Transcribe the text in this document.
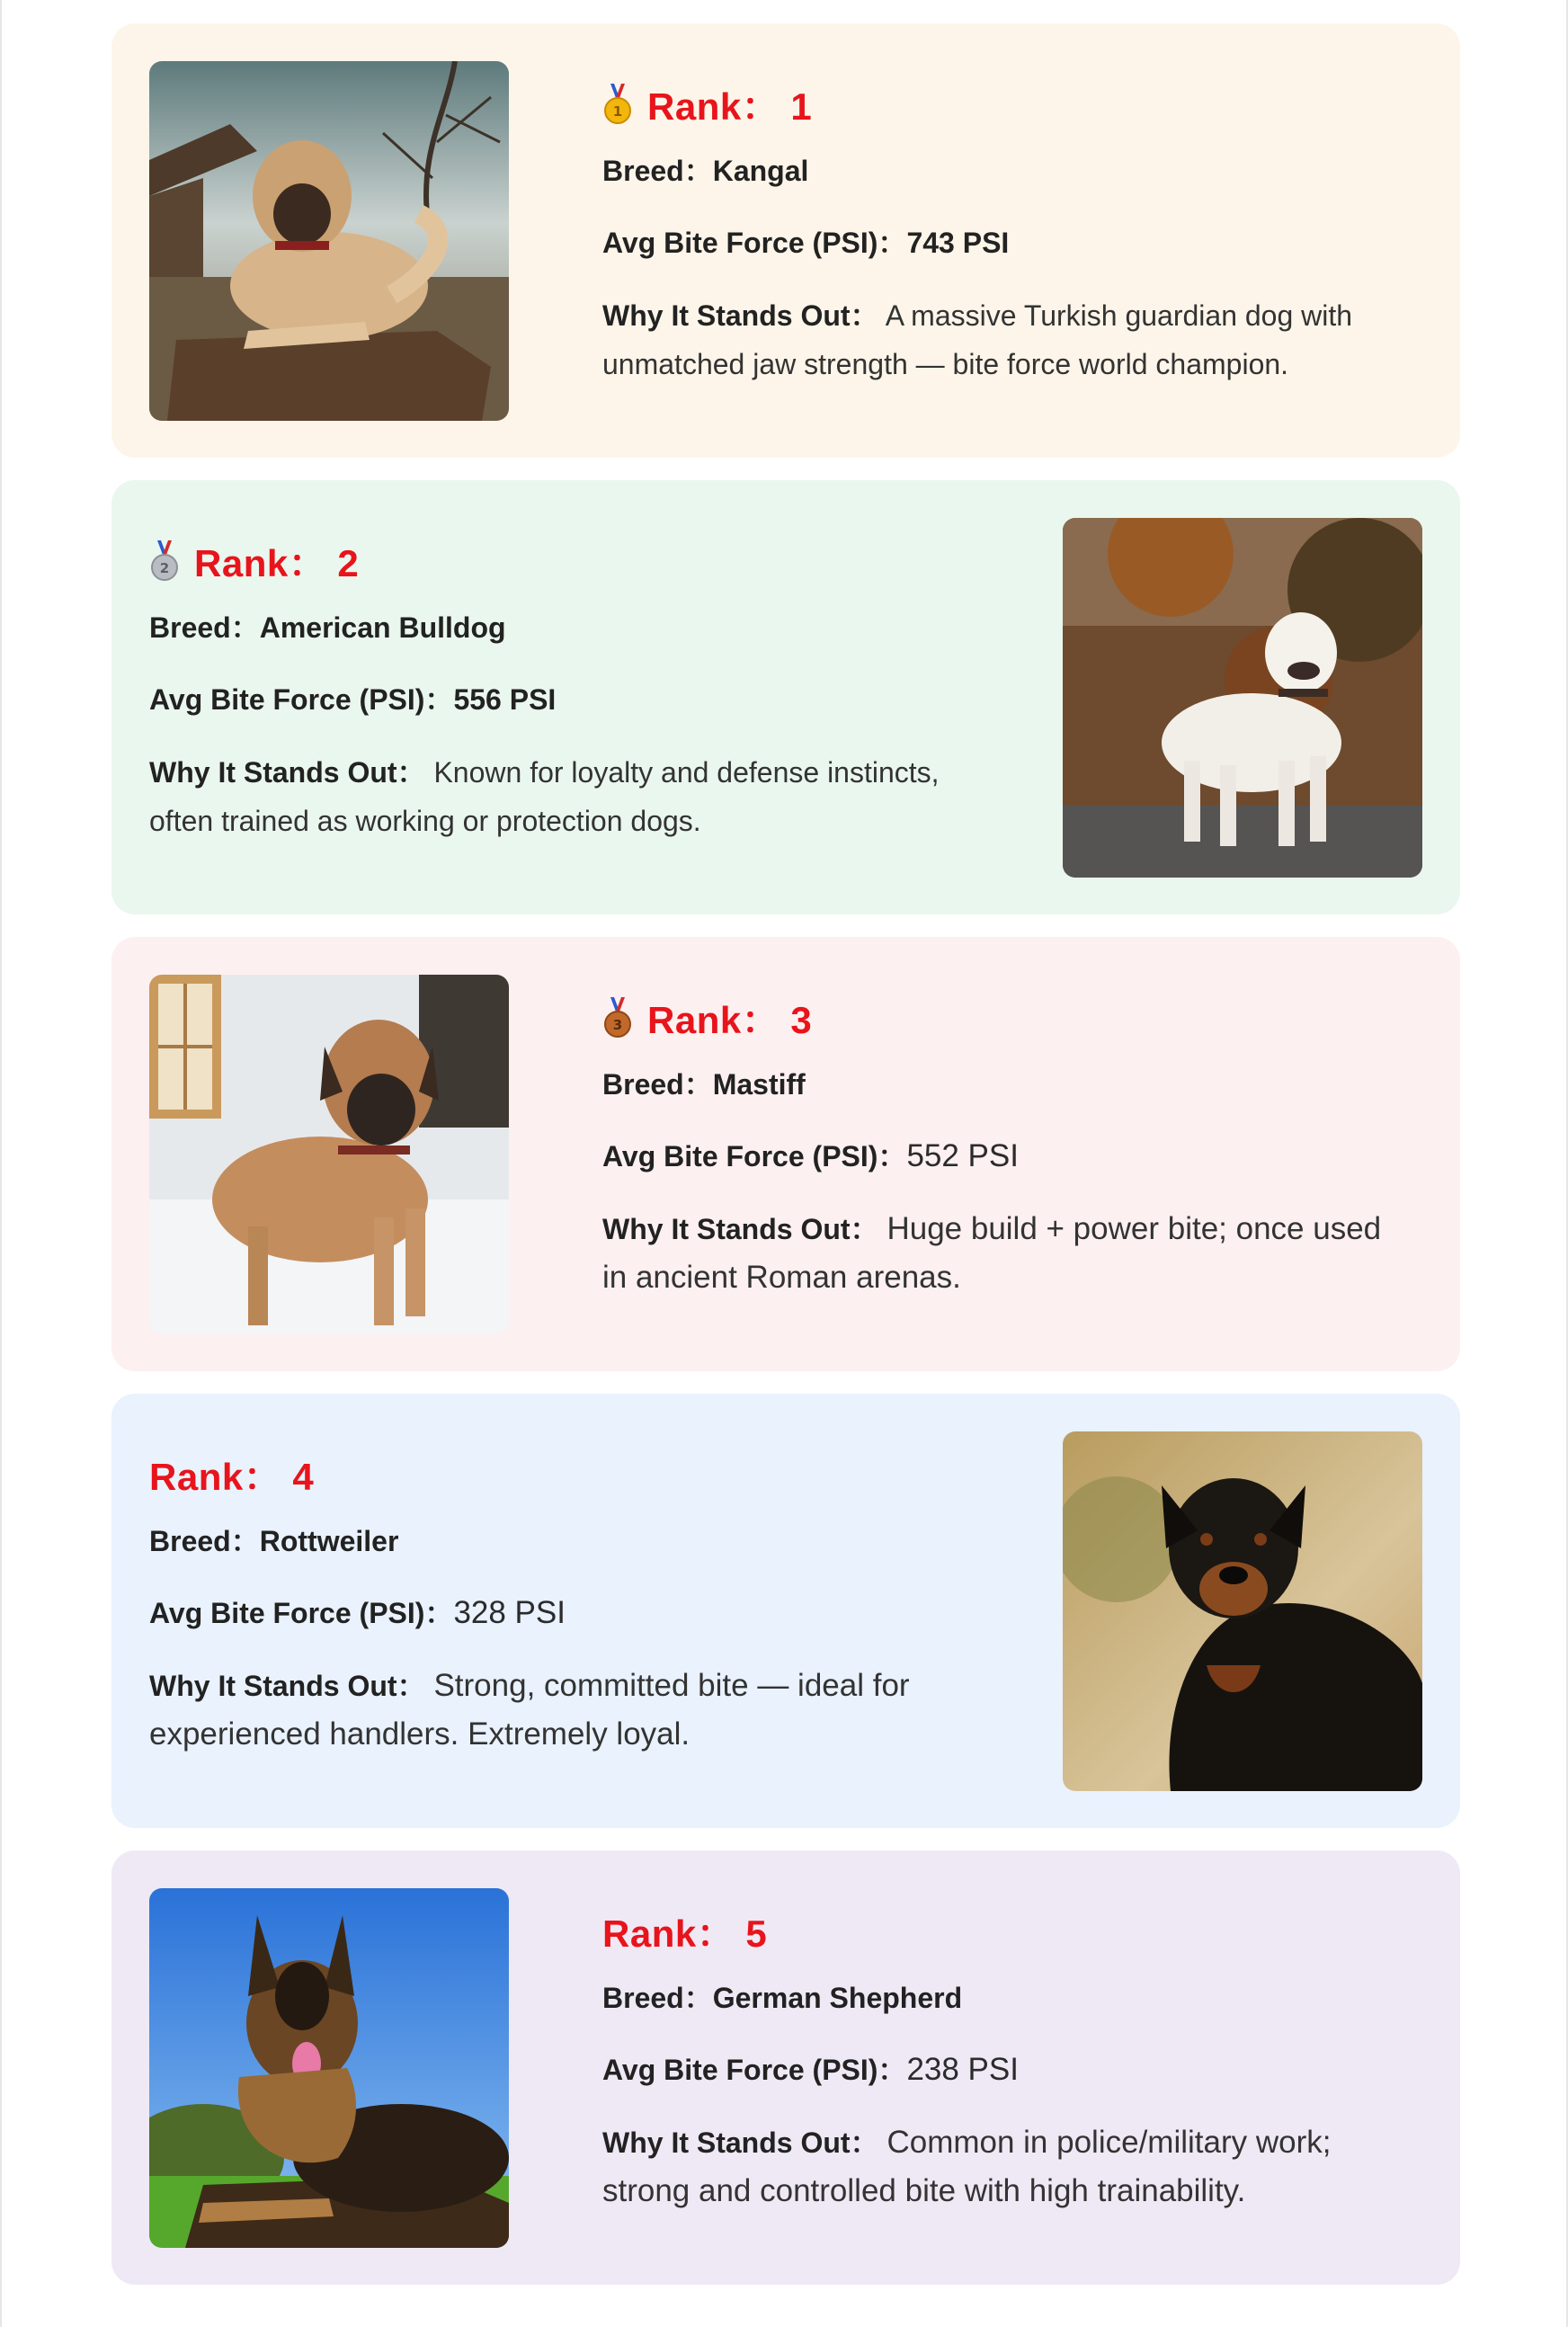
1 Rank： 1
Breed：Kangal
Avg Bite Force (PSI)：743 PSI
Why It Stands Out： A massive Turkish guardian dog with unmatched jaw strength — bite force world champion.
2 Rank： 2
Breed：American Bulldog
Avg Bite Force (PSI)：556 PSI
Why It Stands Out： Known for loyalty and defense instincts, often trained as working or protection dogs.
3 Rank： 3
Breed：Mastiff
Avg Bite Force (PSI)：552 PSI
Why It Stands Out： Huge build + power bite; once used in ancient Roman arenas.
Rank： 4
Breed：Rottweiler
Avg Bite Force (PSI)：328 PSI
Why It Stands Out： Strong, committed bite — ideal for experienced handlers. Extremely loyal.
Rank： 5
Breed：German Shepherd
Avg Bite Force (PSI)：238 PSI
Why It Stands Out： Common in police/military work; strong and controlled bite with high trainability.
